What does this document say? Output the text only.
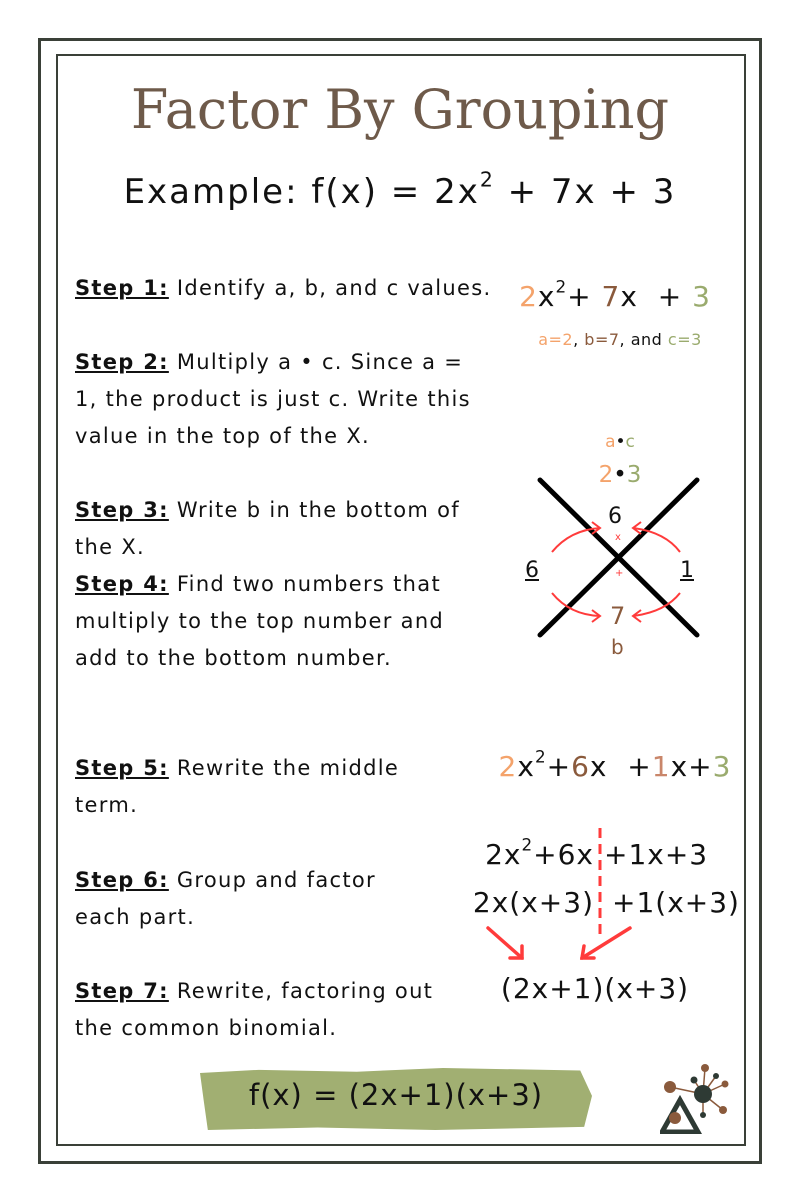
Factor By Grouping
Example: $f(x) = 2x^2 + 7x + 3$
Step 1: Identify a, b, and c values.
Step 2: Multiply a • c. Since a = 1, the product is just c. Write this value in the top of the X.
Step 3: Write b in the bottom of the X.
Step 4: Find two numbers that multiply to the top number and add to the bottom number.
Step 5: Rewrite the middle term.
Step 6: Group and factor each part.
Step 7: Rewrite, factoring out the common binomial.
$2x^2+ 7x + 3$
a=2, b=7, and c=3
a•c
2•3
6
x
+
6	1
7
b
$2x^2+6x +1x+3$
$2x^2+6x +1x+3$
2x(x+3) +1(x+3)
(2x+1)(x+3)
f(x) = (2x+1)(x+3)
